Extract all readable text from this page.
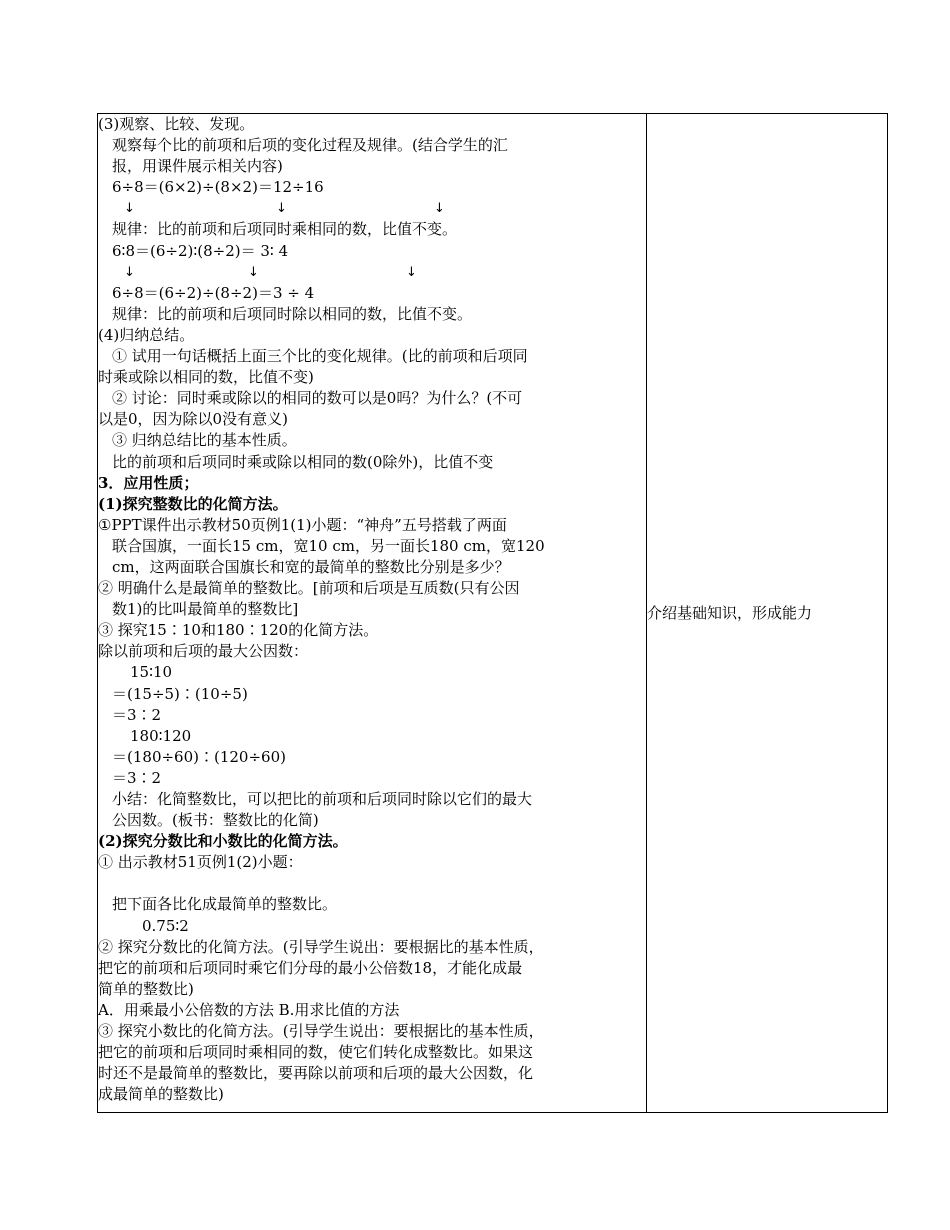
(3)观察、比较、发现。
观察每个比的前项和后项的变化过程及规律。(结合学生的汇
报，用课件展示相关内容)
6÷8＝(6×2)÷(8×2)＝12÷16
↓	↓	↓
规律：比的前项和后项同时乘相同的数，比值不变。
6∶8＝(6÷2)∶(8÷2)＝ 3∶ 4
↓	↓	↓
6÷8＝(6÷2)÷(8÷2)＝3 ÷ 4
规律：比的前项和后项同时除以相同的数，比值不变。
(4)归纳总结。
① 试用一句话概括上面三个比的变化规律。(比的前项和后项同
时乘或除以相同的数，比值不变)
② 讨论：同时乘或除以的相同的数可以是0吗？为什么？(不可
以是0，因为除以0没有意义)
③ 归纳总结比的基本性质。
比的前项和后项同时乘或除以相同的数(0除外)，比值不变
3．应用性质；
(1)探究整数比的化简方法。
①PPT课件出示教材50页例1(1)小题：“神舟”五号搭载了两面
联合国旗，一面长15 cm，宽10 cm，另一面长180 cm，宽120
cm，这两面联合国旗长和宽的最简单的整数比分别是多少？
② 明确什么是最简单的整数比。[前项和后项是互质数(只有公因
数1)的比叫最简单的整数比]
③ 探究15∶10和180∶120的化简方法。
除以前项和后项的最大公因数：
15∶10
＝(15÷5)∶(10÷5)
＝3∶2
180∶120
＝(180÷60)∶(120÷60)
＝3∶2
小结：化简整数比，可以把比的前项和后项同时除以它们的最大
公因数。(板书：整数比的化简)
(2)探究分数比和小数比的化简方法。
① 出示教材51页例1(2)小题：
把下面各比化成最简单的整数比。
0.75∶2
② 探究分数比的化简方法。(引导学生说出：要根据比的基本性质，
把它的前项和后项同时乘它们分母的最小公倍数18，才能化成最
简单的整数比)
A．用乘最小公倍数的方法 B.用求比值的方法
③ 探究小数比的化简方法。(引导学生说出：要根据比的基本性质，
把它的前项和后项同时乘相同的数，使它们转化成整数比。如果这
时还不是最简单的整数比，要再除以前项和后项的最大公因数，化
成最简单的整数比)

介绍基础知识，形成能力
